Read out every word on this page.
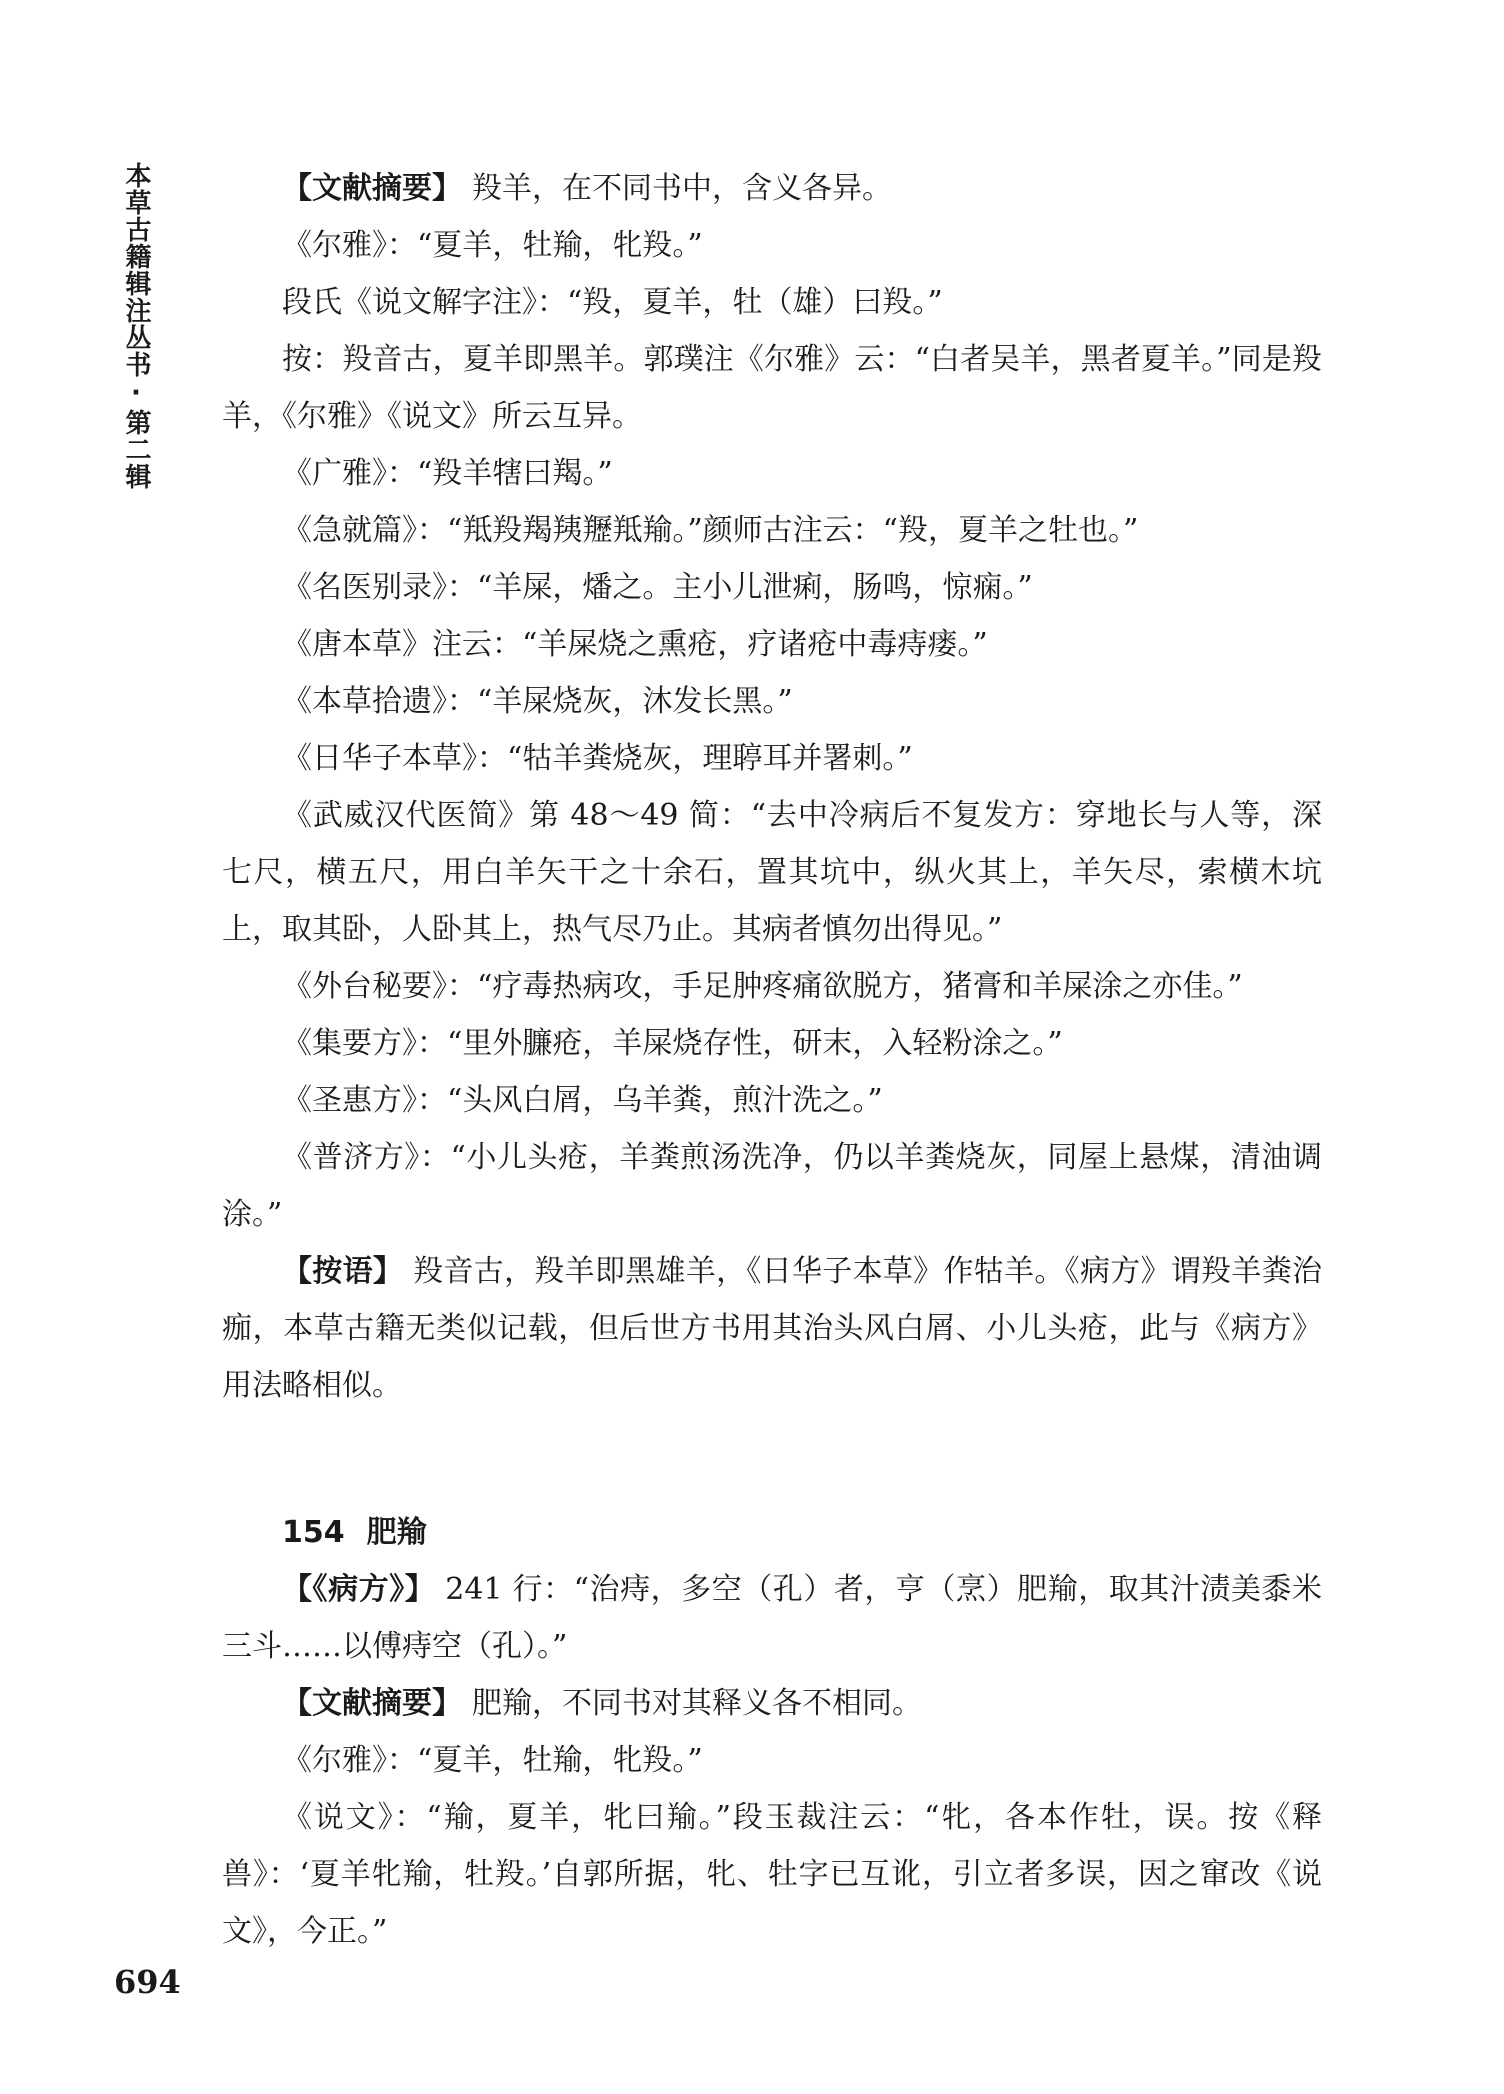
本草古籍辑注丛书·第二辑	【文献摘要】 羖羊，在不同书中，含义各异。

《尔雅》：“夏羊，牡羭，牝羖。”

段氏《说文解字注》：“羖，夏羊，牡（雄）曰羖。”

按：羖音古，夏羊即黑羊。郭璞注《尔雅》云：“白者吴羊，黑者夏羊。”同是羖羊，《尔雅》《说文》所云互异。

《广雅》：“羖羊犗曰羯。”

《急就篇》：“羝羖羯羠䍽羝羭。”颜师古注云：“羖，夏羊之牡也。”

《名医别录》：“羊屎，燔之。主小儿泄痢，肠鸣，惊痫。”

《唐本草》注云：“羊屎烧之熏疮，疗诸疮中毒痔瘘。”

《本草拾遗》：“羊屎烧灰，沐发长黑。”

《日华子本草》：“牯羊粪烧灰，理聤耳并署刺。”

《武威汉代医简》第 48～49 简：“去中冷病后不复发方：穿地长与人等，深七尺，横五尺，用白羊矢干之十余石，置其坑中，纵火其上，羊矢尽，索横木坑上，取其卧，人卧其上，热气尽乃止。其病者慎勿出得见。”

《外台秘要》：“疗毒热病攻，手足肿疼痛欲脱方，猪膏和羊屎涂之亦佳。”

《集要方》：“里外臁疮，羊屎烧存性，研末，入轻粉涂之。”

《圣惠方》：“头风白屑，乌羊粪，煎汁洗之。”

《普济方》：“小儿头疮，羊粪煎汤洗净，仍以羊粪烧灰，同屋上悬煤，清油调涂。”

【按语】 羖音古，羖羊即黑雄羊，《日华子本草》作牯羊。《病方》谓羖羊粪治痂，本草古籍无类似记载，但后世方书用其治头风白屑、小儿头疮，此与《病方》用法略相似。

154 肥羭

【《病方》】 241 行：“治痔，多空（孔）者，亨（烹）肥羭，取其汁渍美黍米三斗……以傅痔空（孔）。”

【文献摘要】 肥羭，不同书对其释义各不相同。

《尔雅》：“夏羊，牡羭，牝羖。”

《说文》：“羭，夏羊，牝曰羭。”段玉裁注云：“牝，各本作牡，误。按《释兽》：‘夏羊牝羭，牡羖。’自郭所据，牝、牡字已互讹，引立者多误，因之窜改《说文》，今正。”

694
